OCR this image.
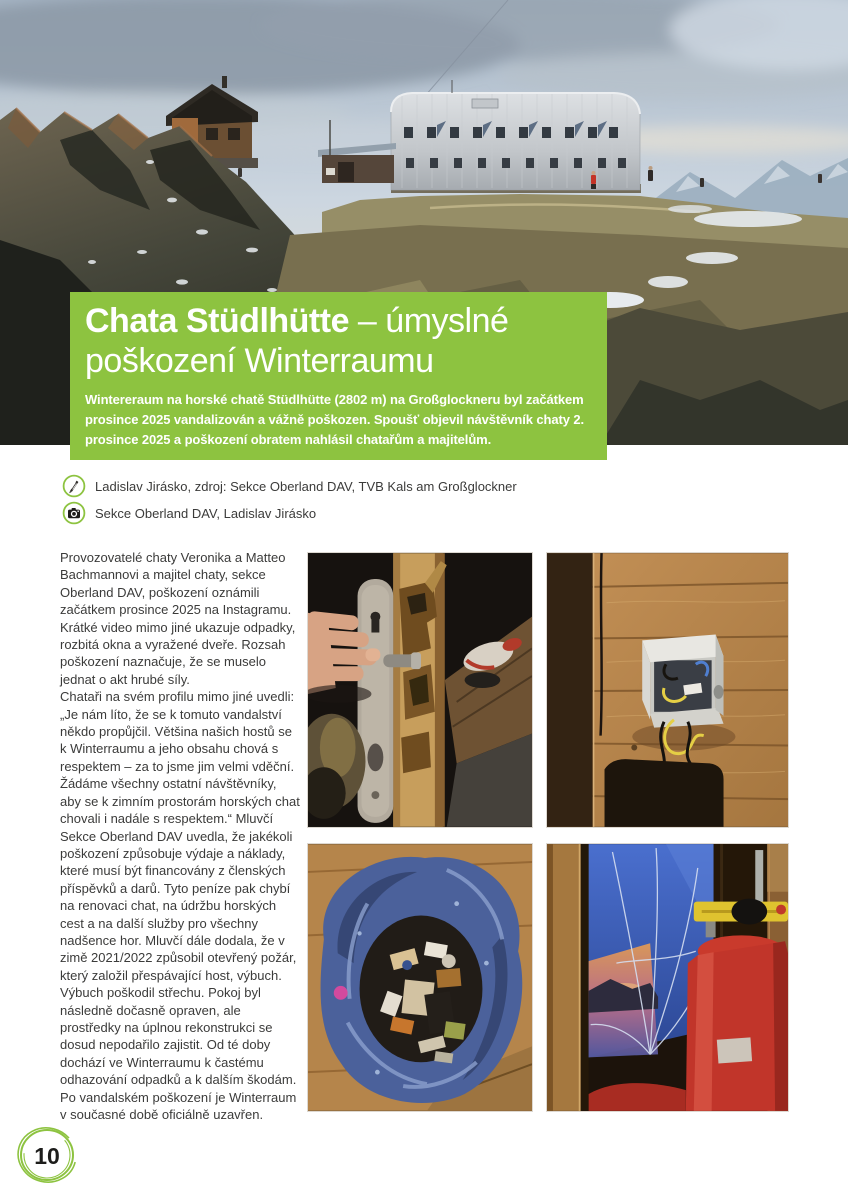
Chata Stüdlhütte – úmyslné poškození Winterraumu

Wintereraum na horské chatě Stüdlhütte (2802 m) na Großglockneru byl začátkem prosince 2025 vandalizován a vážně poškozen. Spoušť objevil návštěvník chaty 2. prosince 2025 a poškození obratem nahlásil chatařům a majitelům.

Ladislav Jirásko, zdroj: Sekce Oberland DAV, TVB Kals am Großglockner
Sekce Oberland DAV, Ladislav Jirásko

Provozovatelé chaty Veronika a Matteo Bachmannovi a majitel chaty, sekce Oberland DAV, poškození oznámili začátkem prosince 2025 na Instagramu. Krátké video mimo jiné ukazuje odpadky, rozbitá okna a vyražené dveře. Rozsah poškození naznačuje, že se muselo jednat o akt hrubé síly.

Chataři na svém profilu mimo jiné uvedli: „Je nám líto, že se k tomuto vandalství někdo propůjčil. Většina našich hostů se k Winterraumu a jeho obsahu chová s respektem – za to jsme jim velmi vděční. Žádáme všechny ostatní návštěvníky, aby se k zimním prostorám horských chat chovali i nadále s respektem.“ Mluvčí Sekce Oberland DAV uvedla, že jakékoli poškození způsobuje výdaje a náklady, které musí být financovány z členských příspěvků a darů. Tyto peníze pak chybí na renovaci chat, na údržbu horských cest a na další služby pro všechny nadšence hor. Mluvčí dále dodala, že v zimě 2021/2022 způsobil otevřený požár, který založil přespávající host, výbuch. Výbuch poškodil střechu. Pokoj byl následně dočasně opraven, ale prostředky na úplnou rekonstrukci se dosud nepodařilo zajistit. Od té doby dochází ve Winterraumu k častému odhazování odpadků a k dalším škodám. Po vandalském poškození je Winterraum v současné době oficiálně uzavřen.

10
